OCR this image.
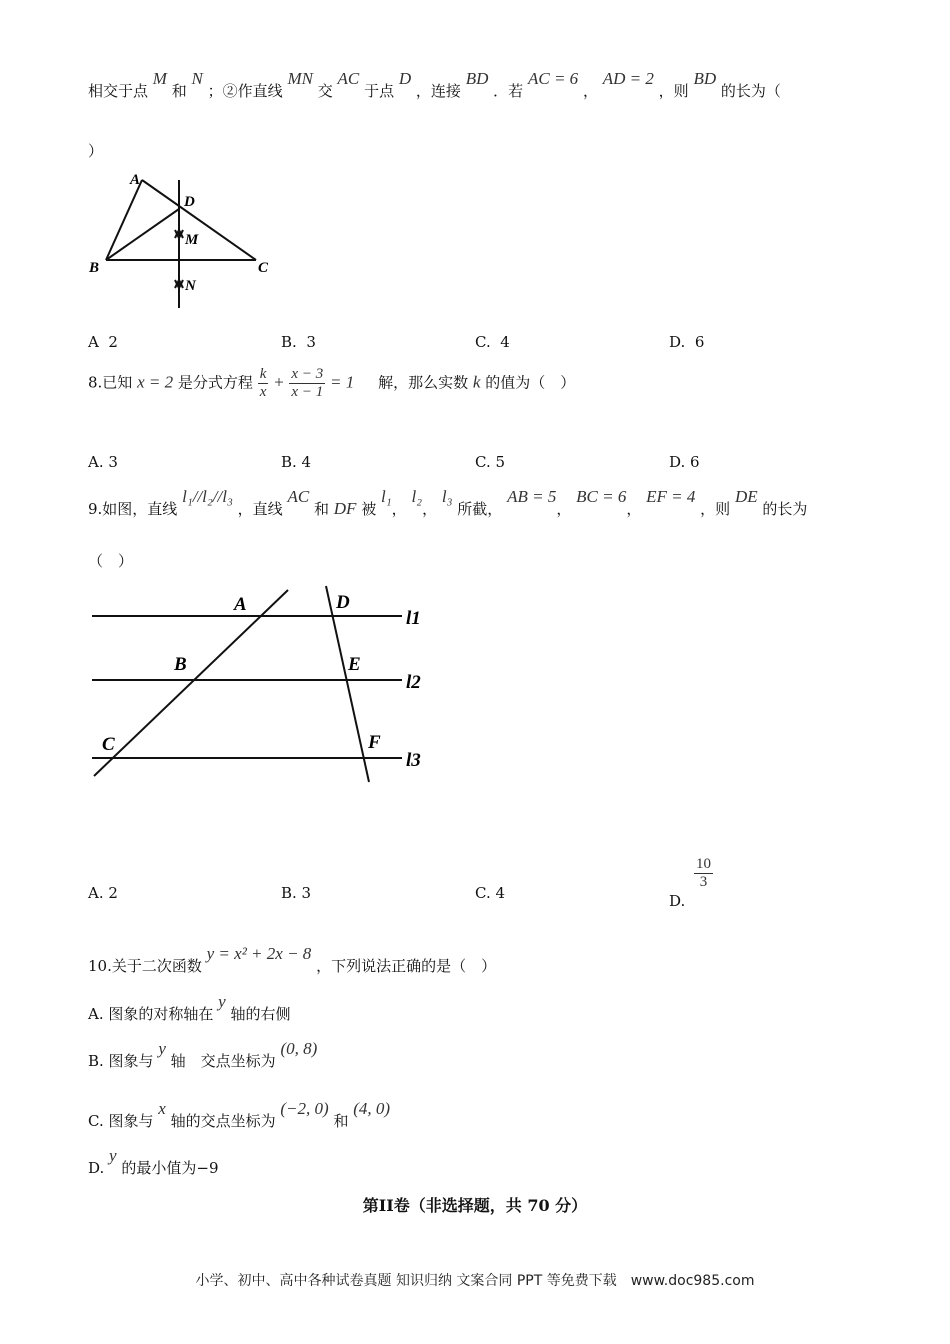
相交于点 M 和 N ；②作直线 MN 交 AC 于点 D ，连接 BD ．若 AC = 6 ， AD = 2 ，则 BD 的长为（
）
A
D
M
B	C
N
A 2	B. 3	C. 4	D. 6
8.已知 x = 2 是分式方程 $\frac{k}{x} + \frac{x - 3}{x - 1} = 1$ 解，那么实数 k 的值为（　）
A. 3	B. 4	C. 5	D. 6
9.如图，直线 l₁//l₂//l₃ ，直线 AC 和 DF 被 l₁， l₂， l₃ 所截， AB = 5， BC = 6， EF = 4 ，则 DE 的长为
（　）
A	D
l1
B	E
l2
C	F
l3
A. 2	B. 3	C. 4	D.
$\frac{10}{3}$
10.关于二次函数 y = x² + 2x − 8 ，下列说法正确的是（　）
A. 图象的对称轴在 y 轴的右侧
B. 图象与 y 轴　交点坐标为 (0, 8)
C. 图象与 x 轴的交点坐标为 (−2, 0) 和 (4, 0)
D. y 的最小值为−9
第II卷（非选择题，共 70 分）
小学、初中、高中各种试卷真题 知识归纳 文案合同 PPT 等免费下载　www.doc985.com
